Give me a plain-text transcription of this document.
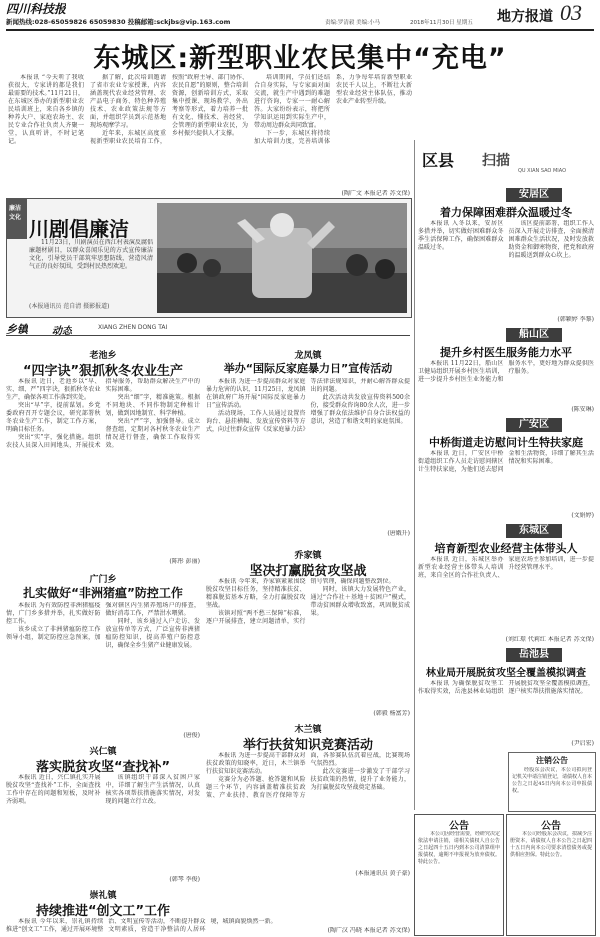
四川科技报
新闻热线:028-65059826 65059830 投稿邮箱:sckjbs@vip.163.com	责编:罗清毅 美编:小马	2018年11月30日 星期五 地方报道 03
东城区:新型职业农民集中“充电”

本报讯 “今天听了我收获很大，专家讲的都是我们最需要的技术。”11月21日，在东城区举办的新型职业农民培训班上，来自各乡镇的种养大户、家庭农场主、农民专业合作社负责人齐聚一堂，认真听讲，不时记笔记。

据了解，此次培训邀请了省市农业专家授课，内容涵盖现代农业经营管理、农产品电子商务、特色种养殖技术、农业政策法规等方面，并组织学员到示范基地现场观摩学习。

近年来，东城区高度重视新型职业农民培育工作，按照“政府主导、部门协作、农民自愿”的原则，整合培训资源，创新培训方式，采取集中授课、现场教学、外出考察等形式，着力培养一批有文化、懂技术、善经营、会管理的新型职业农民，为乡村振兴提供人才支撑。

培训期间，学员们还结合自身实际，与专家面对面交流，就生产中遇到的难题进行咨询，专家一一耐心解答。大家纷纷表示，将把所学知识运用到实际生产中，带动周边群众共同致富。

下一步，东城区将持续加大培训力度，完善培训体系，力争每年培育新型职业农民千人以上，不断壮大新型农业经营主体队伍，推动农业产业转型升级。

(陶广文 本报记者 苏文保)
廉洁文化 川剧倡廉洁

11月23日，川剧演员在西江村表演反腐倡廉题材剧目，以群众喜闻乐见的方式宣传廉洁文化，引导党员干部筑牢思想防线，营造风清气正的良好氛围，受到村民热烈欢迎。

(本报通讯员 范自清 摄影报道)
乡镇 动态	XIANG ZHEN DONG TAI
老池乡
“四字诀”狠抓秋冬农业生产

本报讯 近日，老池乡以“早、实、细、严”四字诀，狠抓秋冬农业生产，确保各项工作落到实处。

突出“早”字，提前谋划。乡党委政府召开专题会议，研究部署秋冬农业生产工作，制定工作方案，明确目标任务。

突出“实”字，强化措施。组织农技人员深入田间地头，开展技术指导服务，帮助群众解决生产中的实际困难。

突出“细”字，精准施策。根据不同地块、不同作物制定种植计划，做到因地制宜、科学种植。

突出“严”字，加强督导。成立督查组，定期对各村秋冬农业生产情况进行督查，确保工作取得实效。

(陈彤 彭丽)
龙凤镇
举办“国际反家庭暴力日”宣传活动

本报讯 为进一步提高群众对家庭暴力危害的认识，11月25日，龙凤镇在镇政府广场开展“国际反家庭暴力日”宣传活动。

活动现场，工作人员通过设置咨询台、悬挂横幅、发放宣传资料等方式，向过往群众宣传《反家庭暴力法》等法律法规知识，并耐心解答群众提出的问题。

此次活动共发放宣传资料500余份，接受群众咨询80余人次，进一步增强了群众依法维护自身合法权益的意识，营造了和谐文明的家庭氛围。

(唐娥升)
广门乡
扎实做好“非洲猪瘟”防控工作

本报讯 为有效防控非洲猪瘟疫情，广门乡多措并举，扎实做好防控工作。

该乡成立了非洲猪瘟防控工作领导小组，制定防控应急预案，加强对辖区内生猪养殖场户的排查，做好消毒工作，严禁泔水喂猪。

同时，该乡通过入户走访、发放宣传单等方式，广泛宣传非洲猪瘟防控知识，提高养殖户防控意识，确保全乡生猪产业健康发展。

(唐俊)
乔家镇
坚决打赢脱贫攻坚战

本报讯 今年来，乔家镇紧紧围绕脱贫攻坚目标任务，坚持精准扶贫、精准脱贫基本方略，全力打赢脱贫攻坚战。

该镇对照“两不愁三保障”标准，逐户开展排查，建立问题清单，实行销号管理，确保问题整改到位。

同时，该镇大力发展特色产业，通过“合作社＋基地＋贫困户”模式，带动贫困群众增收致富，巩固脱贫成果。

(韩毅 杨富芳)
兴仁镇
落实脱贫攻坚“查找补”

本报讯 近日，兴仁镇扎实开展脱贫攻坚“查找补”工作，全面查找工作中存在的问题和短板，及时补齐弱项。

该镇组织干部深入贫困户家中，详细了解生产生活情况，认真核实各项帮扶措施落实情况，对发现的问题立行立改。

(韩琴 李俊)
木兰镇
举行扶贫知识竞赛活动

本报讯 为进一步提高干部群众对扶贫政策的知晓率，近日，木兰镇举行扶贫知识竞赛活动。

竞赛分为必答题、抢答题和风险题三个环节，内容涵盖精准扶贫政策、产业扶持、教育医疗保障等方面，各参赛队伍沉着应战，比赛现场气氛热烈。

此次竞赛进一步激发了干部学习扶贫政策的热情，提升了业务能力，为打赢脱贫攻坚战奠定基础。

(本报通讯员 黄子豪)
崇礼镇
持续推进“创文工”工作

本报讯 今年以来，崇礼镇持续推进“创文工”工作，通过开展环境整治、文明宣传等活动，不断提升群众文明素质，营造干净整洁的人居环境，城镇面貌焕然一新。

(陶广汉 冯晓 本报记者 苏文保)
区县 扫描
QU XIAN SAO MIAO
安居区
着力保障困难群众温暖过冬

本报讯 入冬以来，安居区多措并举，切实做好困难群众冬季生活保障工作，确保困难群众温暖过冬。

该区提前部署，组织工作人员深入开展走访排查，全面摸清困难群众生活状况，及时发放救助资金和御寒物资，把党和政府的温暖送到群众心坎上。

(韩颖婷 李黎)
船山区
提升乡村医生服务能力水平

本报讯 11月22日，船山区卫健局组织开展乡村医生培训，进一步提升乡村医生业务能力和服务水平，更好地为群众提供医疗服务。

(陈安琳)
广安区
中桥街道走访慰问计生特扶家庭

本报讯 近日，广安区中桥街道组织工作人员走访慰问辖区计生特扶家庭，为他们送去慰问金和生活物资，详细了解其生活情况和实际困难。

(文娟婷)
东城区
培育新型农业经营主体带头人

本报讯 近日，东城区举办新型农业经营主体带头人培训班，来自全区的合作社负责人、家庭农场主参加培训，进一步提升经营管理水平。

(刘红璟 代莉红 本报记者 苏文保)
岳池县
林业局开展脱贫攻坚全覆盖模拟调查

本报讯 为确保脱贫攻坚工作取得实效，岳池县林业局组织开展脱贫攻坚全覆盖模拟调查，逐户核实帮扶措施落实情况。

(尹启宏)
注销公告

经股东会决议，本公司拟向登记机关申请注销登记，请债权人自本公告之日起45日内向本公司申报债权。

公告

本公司因经营需要，经研究决定依法申请注销，请相关债权人自公告之日起四十五日内到本公司清算组申报债权，逾期不申报视为放弃债权。特此公告。

公告

本公司经股东会决议，拟减少注册资本，请债权人自本公告之日起四十五日内向本公司要求清偿债务或提供相应担保。特此公告。
